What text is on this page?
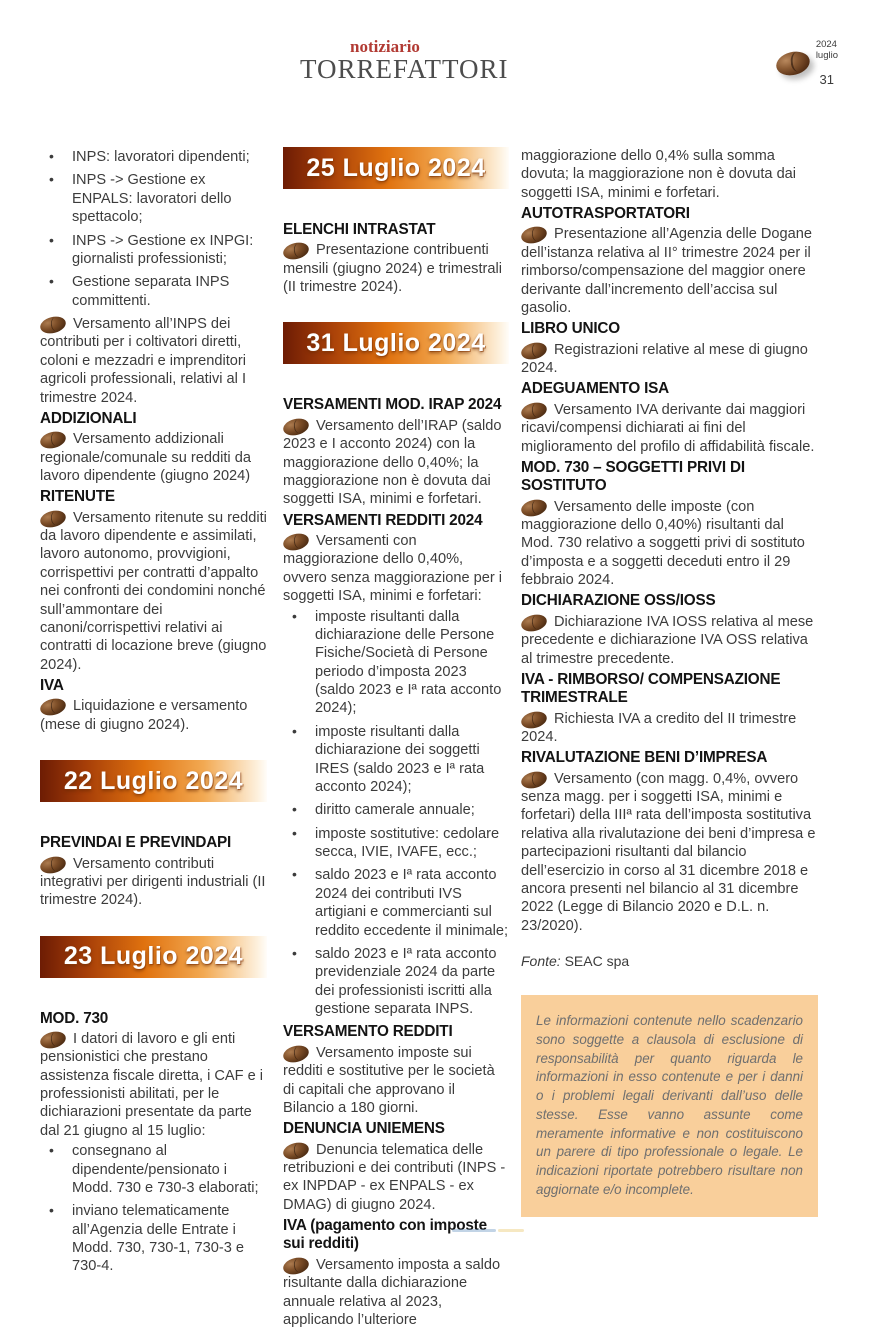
notiziario
TORREFATTORI
2024
luglio
31
• INPS: lavoratori dipendenti;
• INPS -> Gestione ex ENPALS: lavoratori dello spettacolo;
• INPS -> Gestione ex INPGI: giornalisti professionisti;
• Gestione separata INPS committenti.

Versamento all’INPS dei contributi per i coltivatori diretti, coloni e mezzadri e imprenditori agricoli professionali, relativi al I trimestre 2024.

ADDIZIONALI

Versamento addizionali regionale/comunale su redditi da lavoro dipendente (giugno 2024)

RITENUTE

Versamento ritenute su redditi da lavoro dipendente e assimilati, lavoro autonomo, provvigioni, corrispettivi per contratti d’appalto nei confronti dei condomini nonché sull’ammontare dei canoni/corrispettivi relativi ai contratti di locazione breve (giugno 2024).

IVA

Liquidazione e versamento (mese di giugno 2024).

22 Luglio 2024
PREVINDAI E PREVINDAPI

Versamento contributi integrativi per dirigenti industriali (II trimestre 2024).

23 Luglio 2024
MOD. 730

I datori di lavoro e gli enti pensionistici che prestano assistenza fiscale diretta, i CAF e i professionisti abilitati, per le dichiarazioni presentate da parte dal 21 giugno al 15 luglio:

• consegnano al dipendente/pensionato i Modd. 730 e 730-3 elaborati;
• inviano telematicamente all’Agenzia delle Entrate i Modd. 730, 730-1, 730-3 e 730-4.
25 Luglio 2024
ELENCHI INTRASTAT

Presentazione contribuenti mensili (giugno 2024) e trimestrali (II trimestre 2024).

31 Luglio 2024
VERSAMENTI MOD. IRAP 2024

Versamento dell’IRAP (saldo 2023 e I acconto 2024) con la maggiorazione dello 0,40%; la maggiorazione non è dovuta dai soggetti ISA, minimi e forfetari.

VERSAMENTI REDDITI 2024

Versamenti con maggiorazione dello 0,40%, ovvero senza maggiorazione per i soggetti ISA, minimi e forfetari:

• imposte risultanti dalla dichiarazione delle Persone Fisiche/Società di Persone periodo d’imposta 2023 (saldo 2023 e Iª rata acconto 2024);
• imposte risultanti dalla dichiarazione dei soggetti IRES (saldo 2023 e Iª rata acconto 2024);
• diritto camerale annuale;
• imposte sostitutive: cedolare secca, IVIE, IVAFE, ecc.;
• saldo 2023 e Iª rata acconto 2024 dei contributi IVS artigiani e commercianti sul reddito eccedente il minimale;
• saldo 2023 e Iª rata acconto previdenziale 2024 da parte dei professionisti iscritti alla gestione separata INPS.
VERSAMENTO REDDITI

Versamento imposte sui redditi e sostitutive per le società di capitali che approvano il Bilancio a 180 giorni.

DENUNCIA UNIEMENS

Denuncia telematica delle retribuzioni e dei contributi (INPS - ex INPDAP - ex ENPALS - ex DMAG) di giugno 2024.

IVA (pagamento con imposte sui redditi)

Versamento imposta a saldo risultante dalla dichiarazione annuale relativa al 2023, applicando l’ulteriore

maggiorazione dello 0,4% sulla somma dovuta; la maggiorazione non è dovuta dai soggetti ISA, minimi e forfetari.

AUTOTRASPORTATORI

Presentazione all’Agenzia delle Dogane dell’istanza relativa al II° trimestre 2024 per il rimborso/compensazione del maggior onere derivante dall’incremento dell’accisa sul gasolio.

LIBRO UNICO

Registrazioni relative al mese di giugno 2024.

ADEGUAMENTO ISA

Versamento IVA derivante dai maggiori ricavi/compensi dichiarati ai fini del miglioramento del profilo di affidabilità fiscale.

MOD. 730 – SOGGETTI PRIVI DI SOSTITUTO

Versamento delle imposte (con maggiorazione dello 0,40%) risultanti dal Mod. 730 relativo a soggetti privi di sostituto d’imposta e a soggetti deceduti entro il 29 febbraio 2024.

DICHIARAZIONE OSS/IOSS

Dichiarazione IVA IOSS relativa al mese precedente e dichiarazione IVA OSS relativa al trimestre precedente.

IVA - RIMBORSO/ COMPENSAZIONE TRIMESTRALE

Richiesta IVA a credito del II trimestre 2024.

RIVALUTAZIONE BENI D’IMPRESA

Versamento (con magg. 0,4%, ovvero senza magg. per i soggetti ISA, minimi e forfetari) della IIIª rata dell’imposta sostitutiva relativa alla rivalutazione dei beni d’impresa e partecipazioni risultanti dal bilancio dell’esercizio in corso al 31 dicembre 2018 e ancora presenti nel bilancio al 31 dicembre 2022 (Legge di Bilancio 2020 e D.L. n. 23/2020).

Fonte: SEAC spa

Le informazioni contenute nello scadenzario sono soggette a clausola di esclusione di responsabilità per quanto riguarda le informazioni in esso contenute e per i danni o i problemi legali derivanti dall’uso delle stesse. Esse vanno assunte come meramente informative e non costituiscono un parere di tipo professionale o legale. Le indicazioni riportate potrebbero risultare non aggiornate e/o incomplete.
